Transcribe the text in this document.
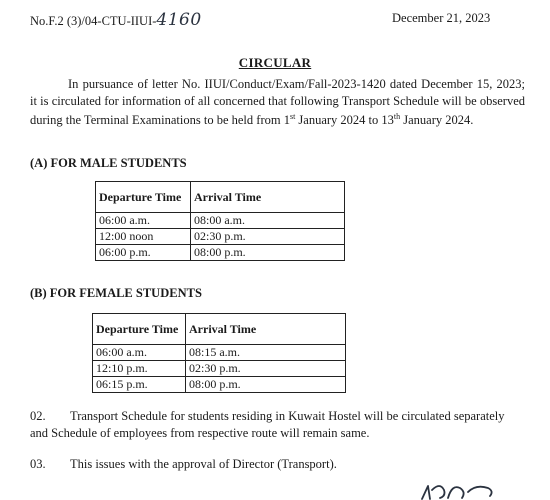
No.F.2 (3)/04-CTU-IIUI-4160	December 21, 2023
CIRCULAR
In pursuance of letter No. IIUI/Conduct/Exam/Fall-2023-1420 dated December 15, 2023; it is circulated for information of all concerned that following Transport Schedule will be observed during the Terminal Examinations to be held from 1st January 2024 to 13th January 2024.
(A) FOR MALE STUDENTS
Departure Time	Arrival Time
06:00 a.m.	08:00 a.m.
12:00 noon	02:30 p.m.
06:00 p.m.	08:00 p.m.
(B) FOR FEMALE STUDENTS
Departure Time	Arrival Time
06:00 a.m.	08:15 a.m.
12:10 p.m.	02:30 p.m.
06:15 p.m.	08:00 p.m.
02. Transport Schedule for students residing in Kuwait Hostel will be circulated separately and Schedule of employees from respective route will remain same.
03. This issues with the approval of Director (Transport).
